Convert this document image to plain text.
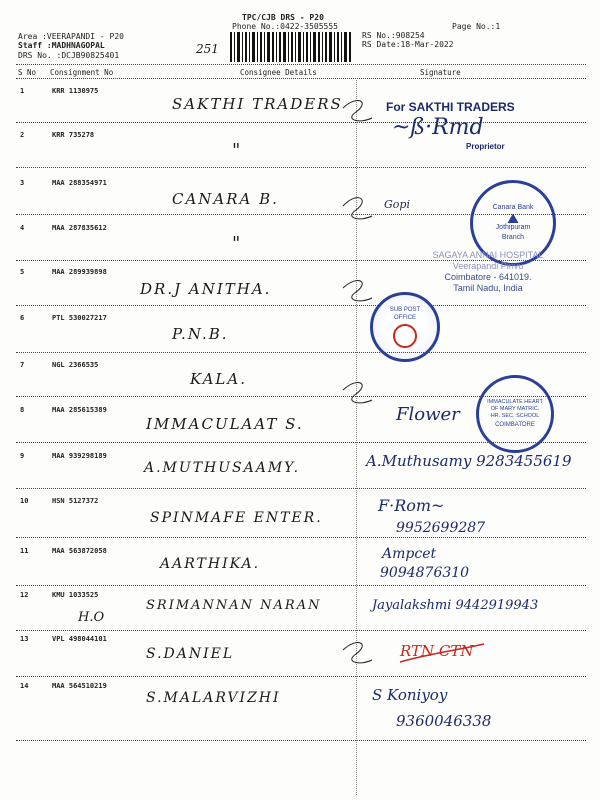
TPC/CJB DRS - P20
Phone No.:0422-3505555	Page No.:1
Area :VEERAPANDI - P20
Staff :MADHNAGOPAL
DRS No. :DCJB90825401
RS No.:908254
RS Date:18-Mar-2022
251
S No Consignment No	Consignee Details	Signature
1	KRR 1130975
SAKTHI TRADERS	For SAKTHI TRADERS
~ß·Rmd
Proprietor
2	KRR 735278
"
3	MAA 288354971
CANARA B.	Gopi	Canara Bank
⛰
Jothipuram
Branch
4	MAA 287835612
"
SAGAYA ANNAI HOSPITAL
Veerapandi Pirivu
Coimbatore - 641019.
Tamil Nadu, India
5	MAA 289939898
DR.J ANITHA.
SUB POST OFFICE
6	PTL 530027217
P.N.B.
7	NGL 2366535
KALA.
IMMACULATE HEART OF MARY MATRIC. HR. SEC. SCHOOL
COIMBATORE
8	MAA 285615389
IMMACULAAT S.	Flower
9	MAA 939298189
A.MUTHUSAAMY.	A.Muthusamy 9283455619
10	HSN 5127372
SPINMAFE ENTER.
F·Rom~
9952699287
11	MAA 563872058
AARTHIKA.
Ampcet
9094876310
12	KMU 1033525
H.O
SRIMANNAN NARAN	Jayalakshmi 9442919943
13	VPL 498044101
S.DANIEL	RTN CTN
14	MAA 564510219
S.MALARVIZHI	S Koniyoy
9360046338
